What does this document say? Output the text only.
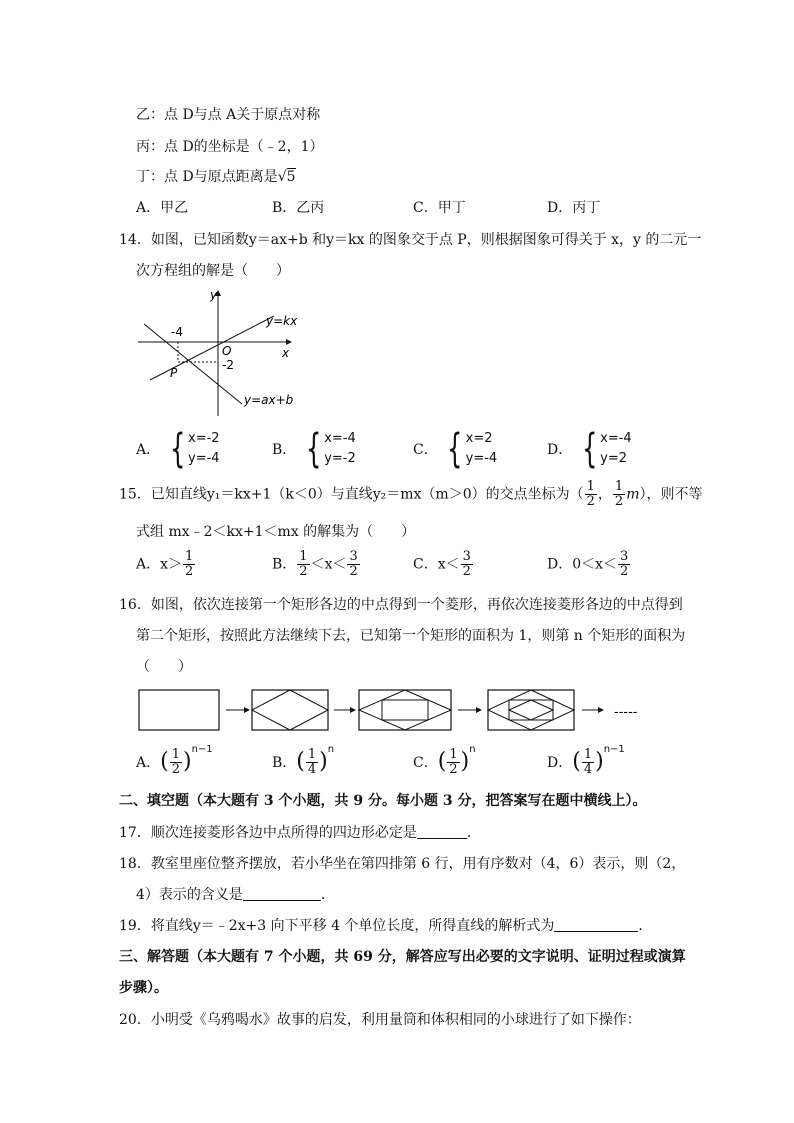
乙：点 D与点 A关于原点对称
丙：点 D的坐标是（﹣2，1）
丁：点 D与原点距离是√5
A．甲乙	B．乙丙	C．甲丁	D．丙丁
14．如图，已知函数y＝ax+b 和y＝kx 的图象交于点 P，则根据图象可得关于 x，y 的二元一
次方程组的解是（　　）
y
x
O
-4
-2
P
y=kx
y=ax+b
A． { x=-2
y=-4
B． { x=-4
y=-2
C． { x=2
y=-4
D． { x=-4
y=2
15．已知直线y₁＝kx+1（k＜0）与直线y₂＝mx（m＞0）的交点坐标为（ $\frac{1}{2}$ ， $\frac{1}{2} m$），则不等
式组 mx﹣2＜kx+1＜mx 的解集为（　　）
A．$x> \frac{1}{2}$	B． $\frac{1}{2} <x< \frac{3}{2}$	C．$x< \frac{3}{2}$	D．$0<x< \frac{3}{2}$
16．如图，依次连接第一个矩形各边的中点得到一个菱形，再依次连接菱形各边的中点得到
第二个矩形，按照此方法继续下去，已知第一个矩形的面积为 1，则第 n 个矩形的面积为
（　　）
-----
A． ( $\frac{1}{2}$ ) $^{n-1}$
B． ( $\frac{1}{4}$ ) $^n$
C． ( $\frac{1}{2}$ ) $^n$
D． ( $\frac{1}{4}$ ) $^{n-1}$
二、填空题（本大题有 3 个小题，共 9 分。每小题 3 分，把答案写在题中横线上）。
17．顺次连接菱形各边中点所得的四边形必定是	．
18．教室里座位整齐摆放，若小华坐在第四排第 6 行，用有序数对（4，6）表示，则（2，
4）表示的含义是	．
19．将直线y＝﹣2x+3 向下平移 4 个单位长度，所得直线的解析式为	．
三、解答题（本大题有 7 个小题，共 69 分，解答应写出必要的文字说明、证明过程或演算
步骤）。
20．小明受《乌鸦喝水》故事的启发，利用量筒和体积相同的小球进行了如下操作：
